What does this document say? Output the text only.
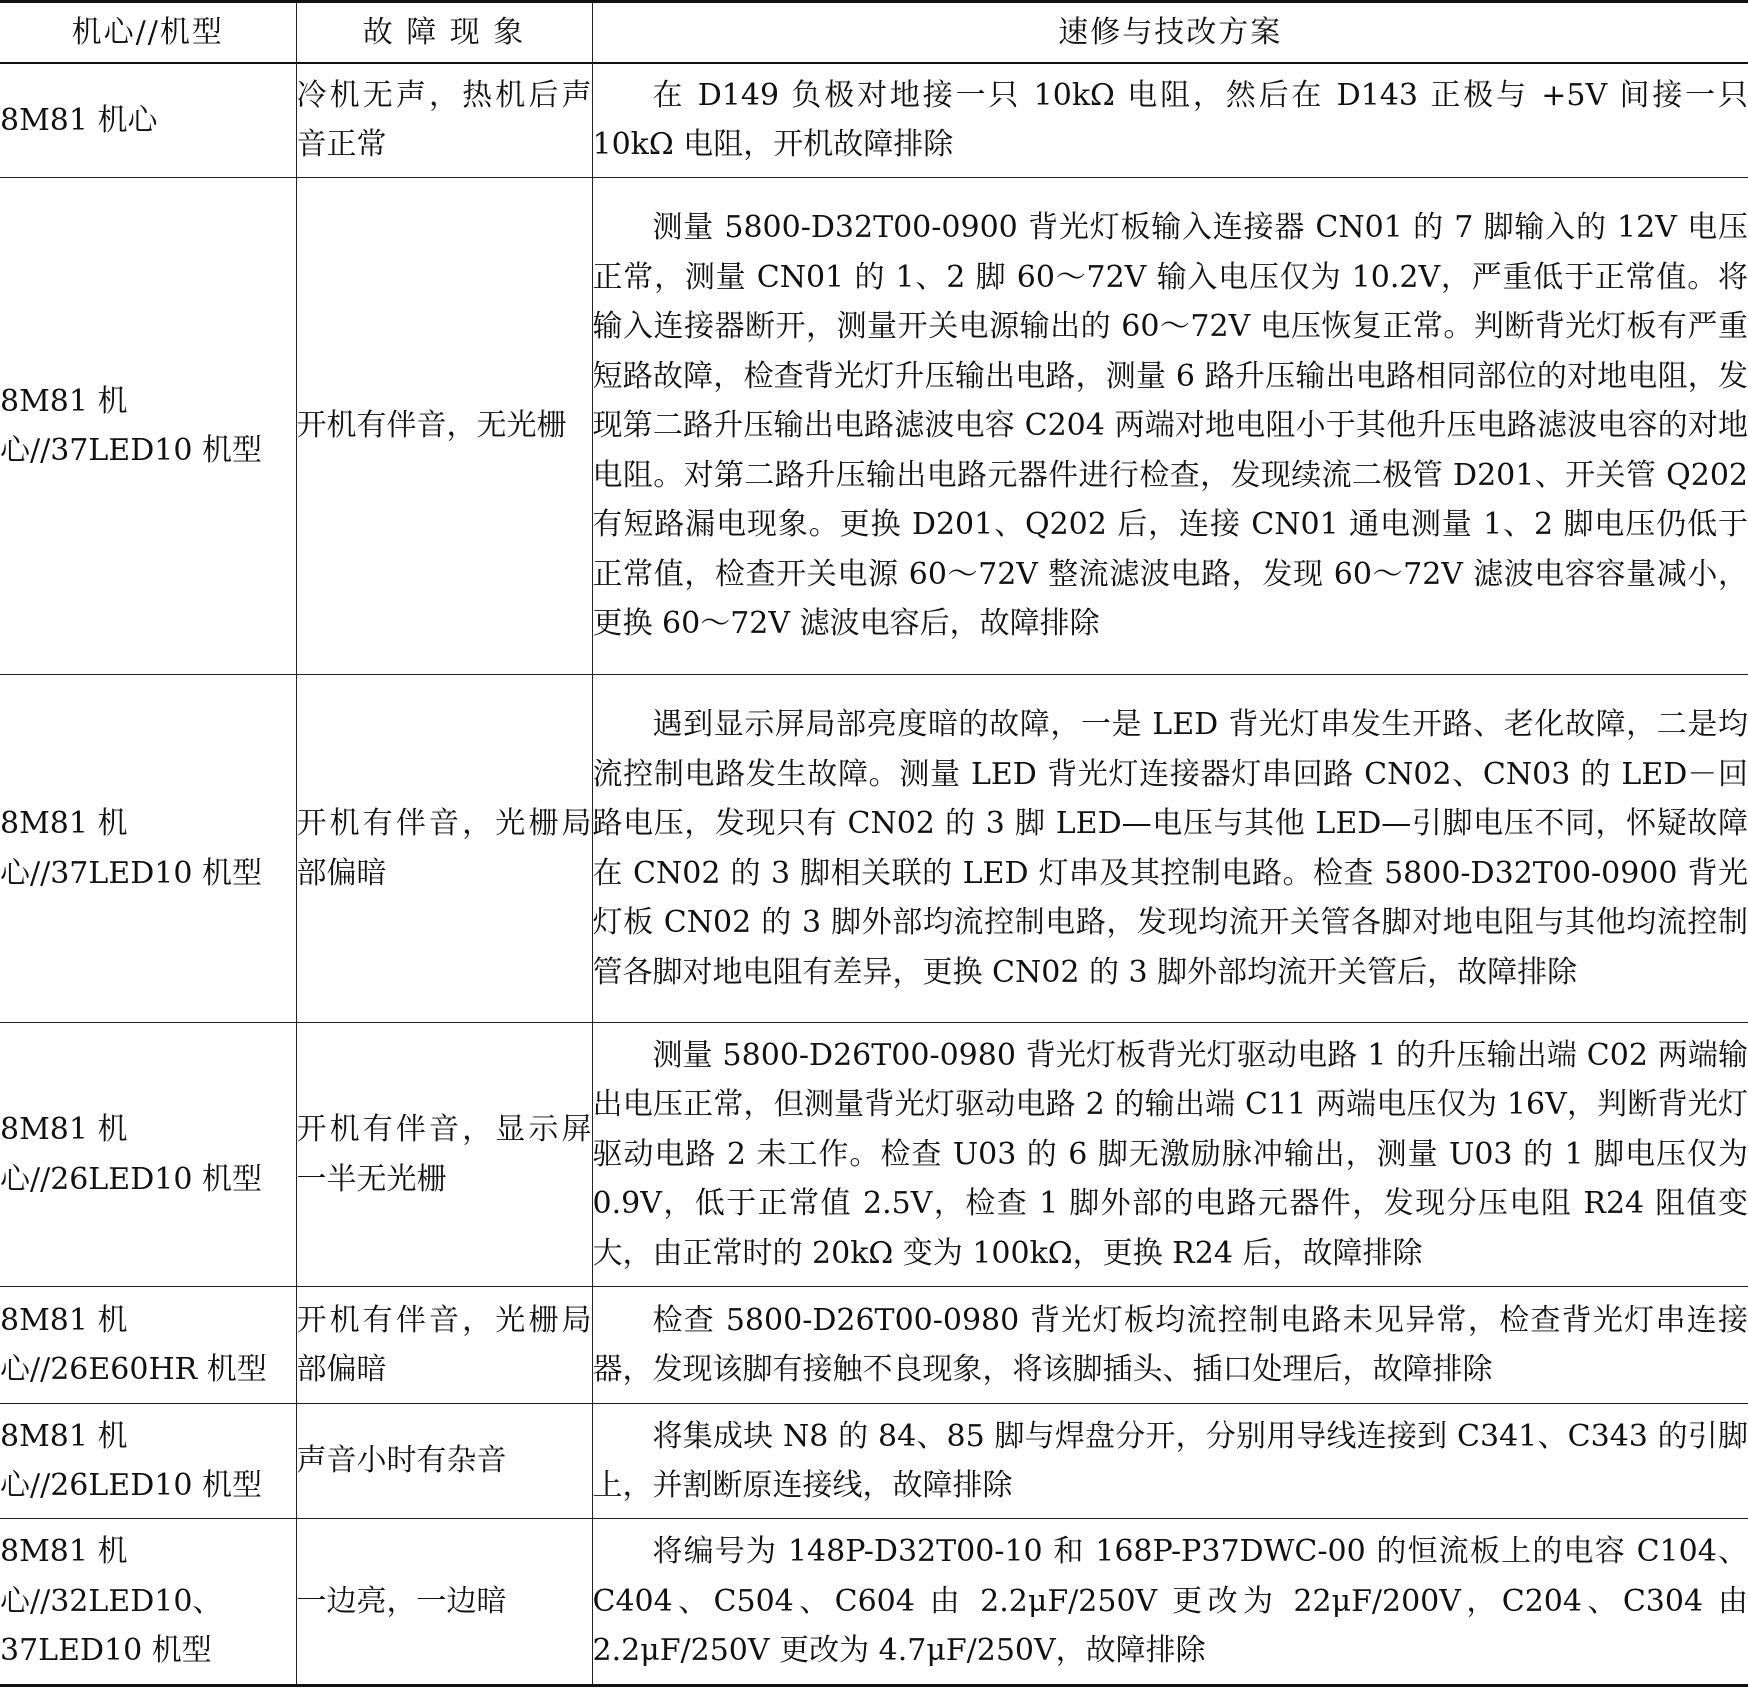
机心//机型	故 障 现 象	速修与技改方案
8M81 机心	冷机无声，热机后声音正常	在 D149 负极对地接一只 10kΩ 电阻，然后在 D143 正极与 +5V 间接一只 10kΩ 电阻，开机故障排除

8M81 机心//37LED10 机型	开机有伴音，无光栅	测量 5800-D32T00-0900 背光灯板输入连接器 CN01 的 7 脚输入的 12V 电压正常，测量 CN01 的 1、2 脚 60～72V 输入电压仅为 10.2V，严重低于正常值。将输入连接器断开，测量开关电源输出的 60～72V 电压恢复正常。判断背光灯板有严重短路故障，检查背光灯升压输出电路，测量 6 路升压输出电路相同部位的对地电阻，发现第二路升压输出电路滤波电容 C204 两端对地电阻小于其他升压电路滤波电容的对地电阻。对第二路升压输出电路元器件进行检查，发现续流二极管 D201、开关管 Q202 有短路漏电现象。更换 D201、Q202 后，连接 CN01 通电测量 1、2 脚电压仍低于正常值，检查开关电源 60～72V 整流滤波电路，发现 60～72V 滤波电容容量减小，更换 60～72V 滤波电容后，故障排除

8M81 机心//37LED10 机型	开机有伴音，光栅局部偏暗	遇到显示屏局部亮度暗的故障，一是 LED 背光灯串发生开路、老化故障，二是均流控制电路发生故障。测量 LED 背光灯连接器灯串回路 CN02、CN03 的 LED－回路电压，发现只有 CN02 的 3 脚 LED—电压与其他 LED—引脚电压不同，怀疑故障在 CN02 的 3 脚相关联的 LED 灯串及其控制电路。检查 5800-D32T00-0900 背光灯板 CN02 的 3 脚外部均流控制电路，发现均流开关管各脚对地电阻与其他均流控制管各脚对地电阻有差异，更换 CN02 的 3 脚外部均流开关管后，故障排除

8M81 机心//26LED10 机型	开机有伴音，显示屏一半无光栅	测量 5800-D26T00-0980 背光灯板背光灯驱动电路 1 的升压输出端 C02 两端输出电压正常，但测量背光灯驱动电路 2 的输出端 C11 两端电压仅为 16V，判断背光灯驱动电路 2 未工作。检查 U03 的 6 脚无激励脉冲输出，测量 U03 的 1 脚电压仅为 0.9V，低于正常值 2.5V，检查 1 脚外部的电路元器件，发现分压电阻 R24 阻值变大，由正常时的 20kΩ 变为 100kΩ，更换 R24 后，故障排除

8M81 机心//26E60HR 机型	开机有伴音，光栅局部偏暗	检查 5800-D26T00-0980 背光灯板均流控制电路未见异常，检查背光灯串连接器，发现该脚有接触不良现象，将该脚插头、插口处理后，故障排除

8M81 机心//26LED10 机型	声音小时有杂音	将集成块 N8 的 84、85 脚与焊盘分开，分别用导线连接到 C341、C343 的引脚上，并割断原连接线，故障排除

8M81 机心//32LED10、37LED10 机型	一边亮，一边暗	将编号为 148P-D32T00-10 和 168P-P37DWC-00 的恒流板上的电容 C104、C404、C504、C604 由 2.2μF/250V 更改为 22μF/200V，C204、C304 由 2.2μF/250V 更改为 4.7μF/250V，故障排除
